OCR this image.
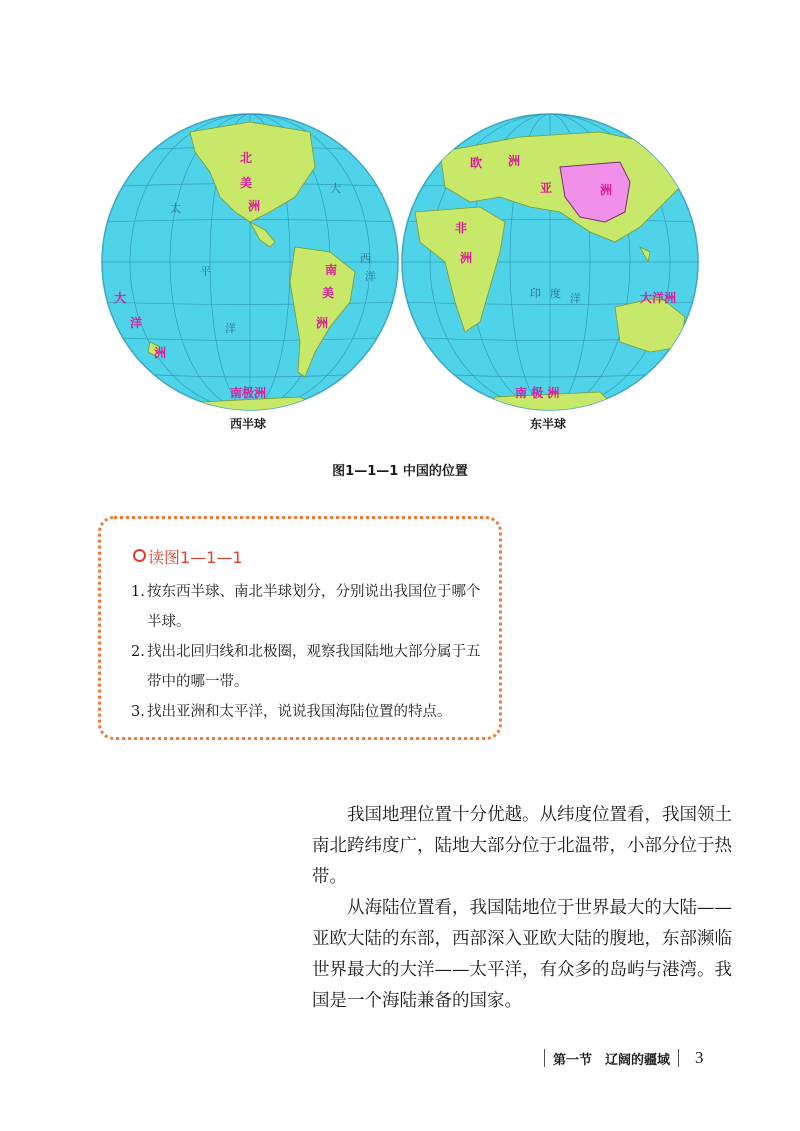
北
美
洲
南
美
洲
大
洋
洲
南极洲
大
西
洋
太
平
洋
欧 洲
亚	洲
非
洲
大洋洲
南 极 洲
印 度 洋
西半球	东半球
图1—1—1 中国的位置
读图1—1—1
1. 按东西半球、南北半球划分，分别说出我国位于哪个半球。
2. 找出北回归线和北极圈，观察我国陆地大部分属于五带中的哪一带。
3. 找出亚洲和太平洋，说说我国海陆位置的特点。

我国地理位置十分优越。从纬度位置看，我国领土南北跨纬度广，陆地大部分位于北温带，小部分位于热带。

从海陆位置看，我国陆地位于世界最大的大陆——亚欧大陆的东部，西部深入亚欧大陆的腹地，东部濒临世界最大的大洋——太平洋，有众多的岛屿与港湾。我国是一个海陆兼备的国家。

第一节　辽阔的疆域 3
